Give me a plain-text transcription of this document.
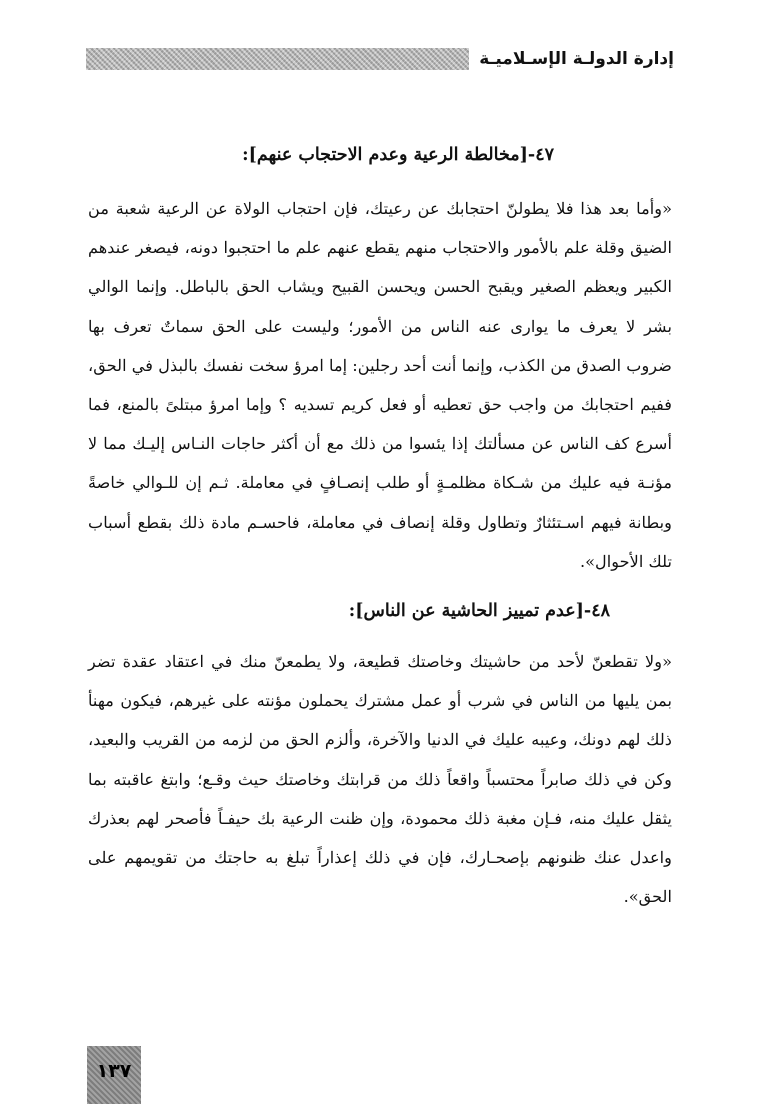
إدارة الدولـة الإسـلاميـة
٤٧-[مخالطة الرعية وعدم الاحتجاب عنهم]:

«وأما بعد هذا فلا يطولنّ احتجابك عن رعيتك، فإن احتجاب الولاة عن الرعية شعبة من الضيق وقلة علم بالأمور والاحتجاب منهم يقطع عنهم علم ما احتجبوا دونه، فيصغر عندهم الكبير ويعظم الصغير ويقبح الحسن ويحسن القبيح ويشاب الحق بالباطل. وإنما الوالي بشر لا يعرف ما يوارى عنه الناس من الأمور؛ وليست على الحق سماتٌ تعرف بها ضروب الصدق من الكذب، وإنما أنت أحد رجلين: إما امرؤ سخت نفسك بالبذل في الحق، ففيم احتجابك من واجب حق تعطيه أو فعل كريم تسديه ؟ وإما امرؤ مبتلىً بالمنع، فما أسرع كف الناس عن مسألتك إذا يئسوا من ذلك مع أن أكثر حاجات النـاس إليـك مما لا مؤنـة فيه عليك من شـكاة مظلمـةٍ أو طلب إنصـافٍ في معاملة. ثـم إن للـوالي خاصةً وبطانة فيهم اسـتئثارٌ وتطاول وقلة إنصاف في معاملة، فاحسـم مادة ذلك بقطع أسباب تلك الأحوال».

٤٨-[عدم تمييز الحاشية عن الناس]:

«ولا تقطعنّ لأحد من حاشيتك وخاصتك قطيعة، ولا يطمعنّ منك في اعتقاد عقدة تضر بمن يليها من الناس في شرب أو عمل مشترك يحملون مؤنته على غيرهم، فيكون مهنأ ذلك لهم دونك، وعيبه عليك في الدنيا والآخرة، وألزم الحق من لزمه من القريب والبعيد، وكن في ذلك صابراً محتسباً واقعاً ذلك من قرابتك وخاصتك حيث وقـع؛ وابتغ عاقبته بما يثقل عليك منه، فـإن مغبة ذلك محمودة، وإن ظنت الرعية بك حيفـاً فأصحر لهم بعذرك واعدل عنك ظنونهم بإصحـارك، فإن في ذلك إعذاراً تبلغ به حاجتك من تقويمهم على الحق».

١٣٧
